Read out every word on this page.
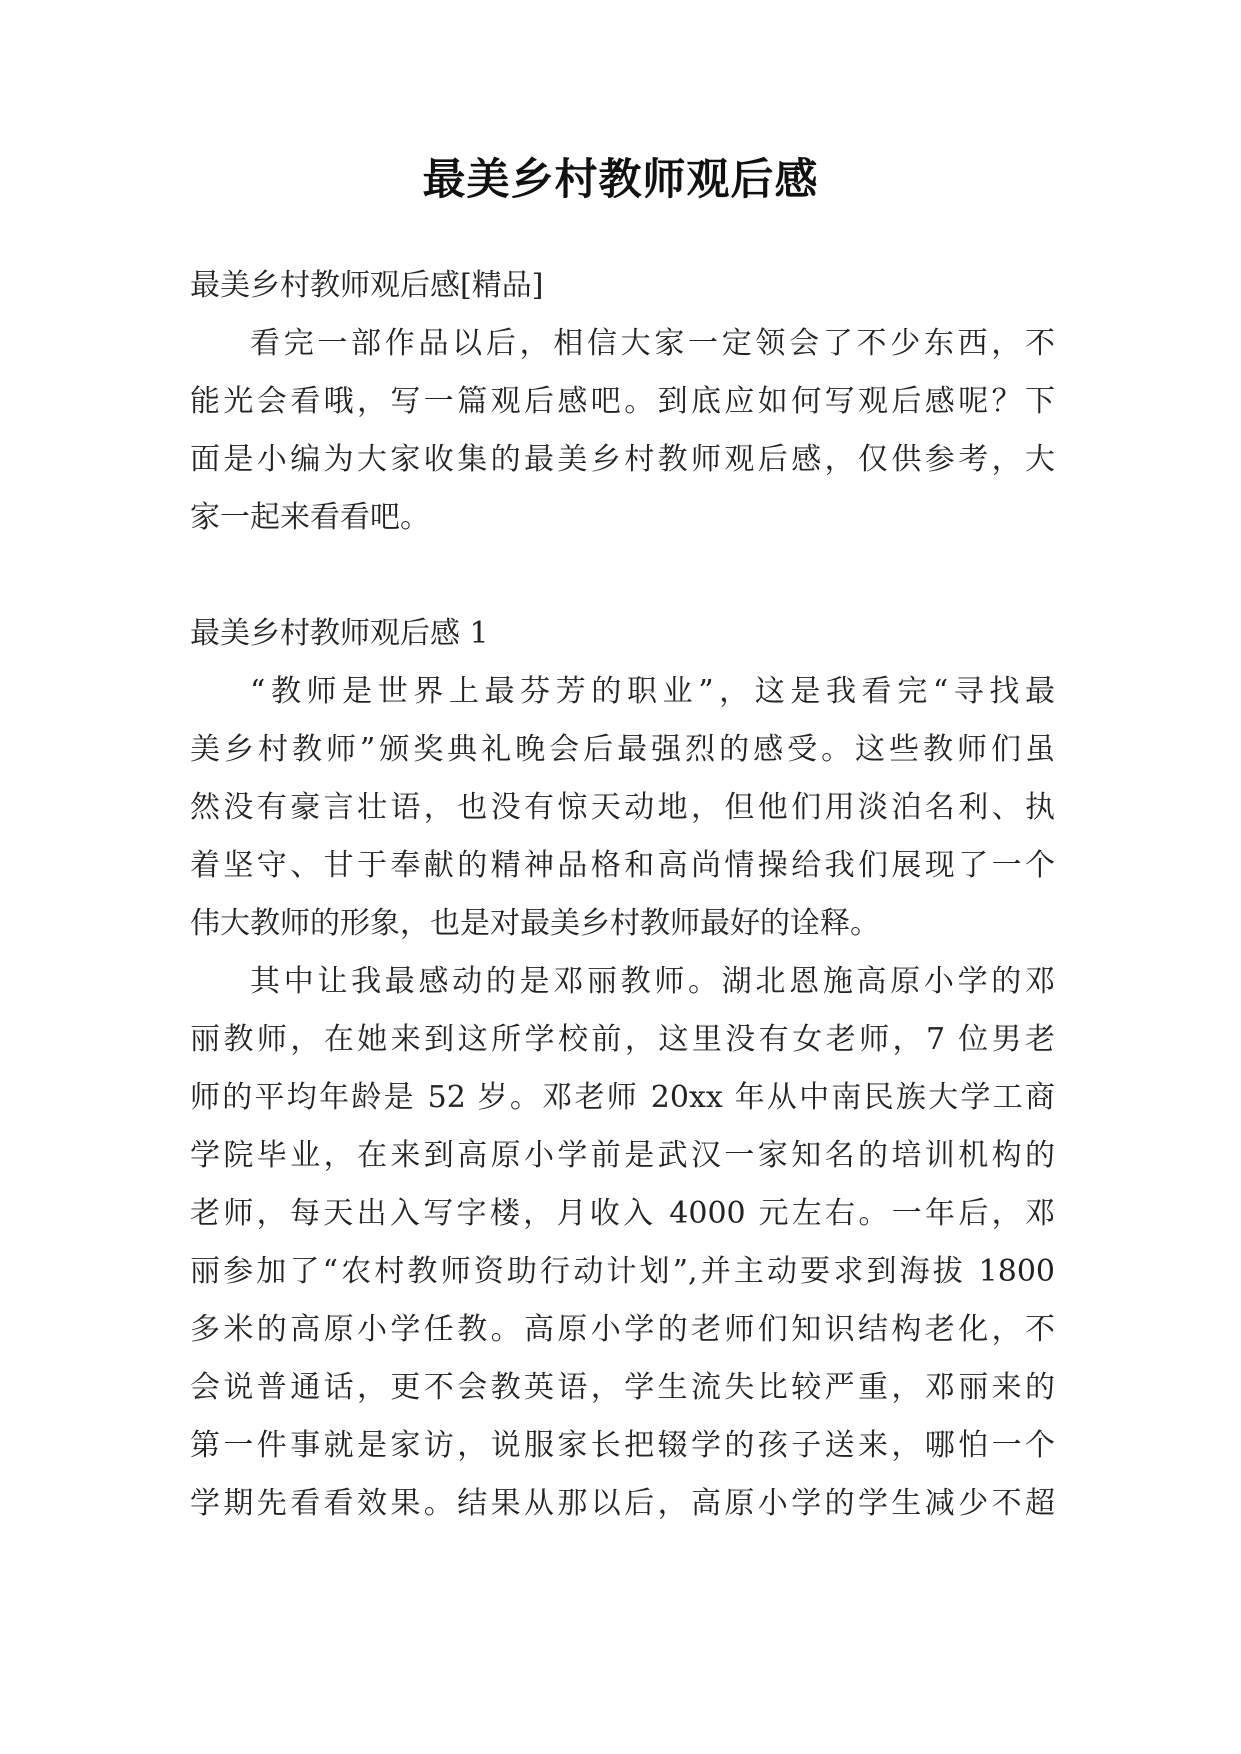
最美乡村教师观后感
最美乡村教师观后感[精品]
看完一部作品以后，相信大家一定领会了不少东西，不
能光会看哦，写一篇观后感吧。到底应如何写观后感呢？下
面是小编为大家收集的最美乡村教师观后感，仅供参考，大
家一起来看看吧。
最美乡村教师观后感 1
“教师是世界上最芬芳的职业”，这是我看完“寻找最
美乡村教师”颁奖典礼晚会后最强烈的感受。这些教师们虽
然没有豪言壮语，也没有惊天动地，但他们用淡泊名利、执
着坚守、甘于奉献的精神品格和高尚情操给我们展现了一个
伟大教师的形象，也是对最美乡村教师最好的诠释。
其中让我最感动的是邓丽教师。湖北恩施高原小学的邓
丽教师，在她来到这所学校前，这里没有女老师，7 位男老
师的平均年龄是 52 岁。邓老师 20xx 年从中南民族大学工商
学院毕业，在来到高原小学前是武汉一家知名的培训机构的
老师，每天出入写字楼，月收入 4000 元左右。一年后，邓
丽参加了“农村教师资助行动计划”,并主动要求到海拔 1800
多米的高原小学任教。高原小学的老师们知识结构老化，不
会说普通话，更不会教英语，学生流失比较严重，邓丽来的
第一件事就是家访，说服家长把辍学的孩子送来，哪怕一个
学期先看看效果。结果从那以后，高原小学的学生减少不超
